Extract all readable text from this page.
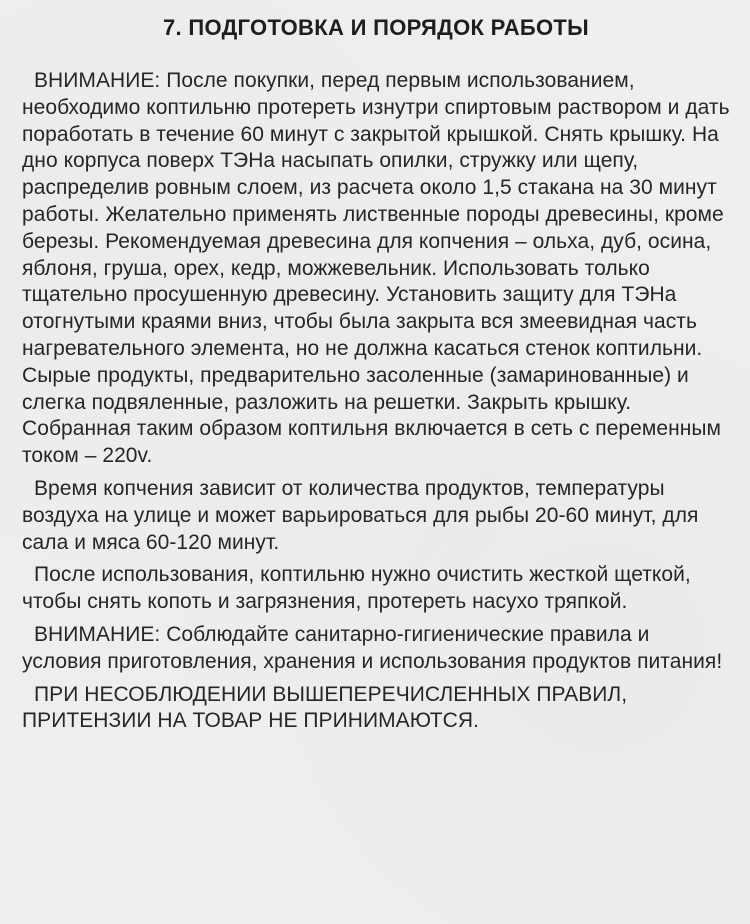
7. ПОДГОТОВКА И ПОРЯДОК РАБОТЫ

ВНИМАНИЕ: После покупки, перед первым использованием, необходимо коптильню протереть изнутри спиртовым раствором и дать поработать в течение 60 минут с закрытой крышкой. Снять крышку. На дно корпуса поверх ТЭНа насыпать опилки, стружку или щепу, распределив ровным слоем, из расчета около 1,5 стакана на 30 минут работы. Желательно применять лиственные породы древесины, кроме березы. Рекомендуемая древесина для копчения – ольха, дуб, осина, яблоня, груша, орех, кедр, можжевельник. Использовать только тщательно просушенную древесину. Установить защиту для ТЭНа отогнутыми краями вниз, чтобы была закрыта вся змеевидная часть нагревательного элемента, но не должна касаться стенок коптильни. Сырые продукты, предварительно засоленные (замаринованные) и слегка подвяленные, разложить на решетки. Закрыть крышку. Собранная таким образом коптильня включается в сеть с переменным током – 220v.

Время копчения зависит от количества продуктов, температуры воздуха на улице и может варьироваться для рыбы 20-60 минут, для сала и мяса 60-120 минут.

После использования, коптильню нужно очистить жесткой щеткой, чтобы снять копоть и загрязнения, протереть насухо тряпкой.

ВНИМАНИЕ: Соблюдайте санитарно-гигиенические правила и условия приготовления, хранения и использования продуктов питания!

ПРИ НЕСОБЛЮДЕНИИ ВЫШЕПЕРЕЧИСЛЕННЫХ ПРАВИЛ, ПРИТЕНЗИИ НА ТОВАР НЕ ПРИНИМАЮТСЯ.
